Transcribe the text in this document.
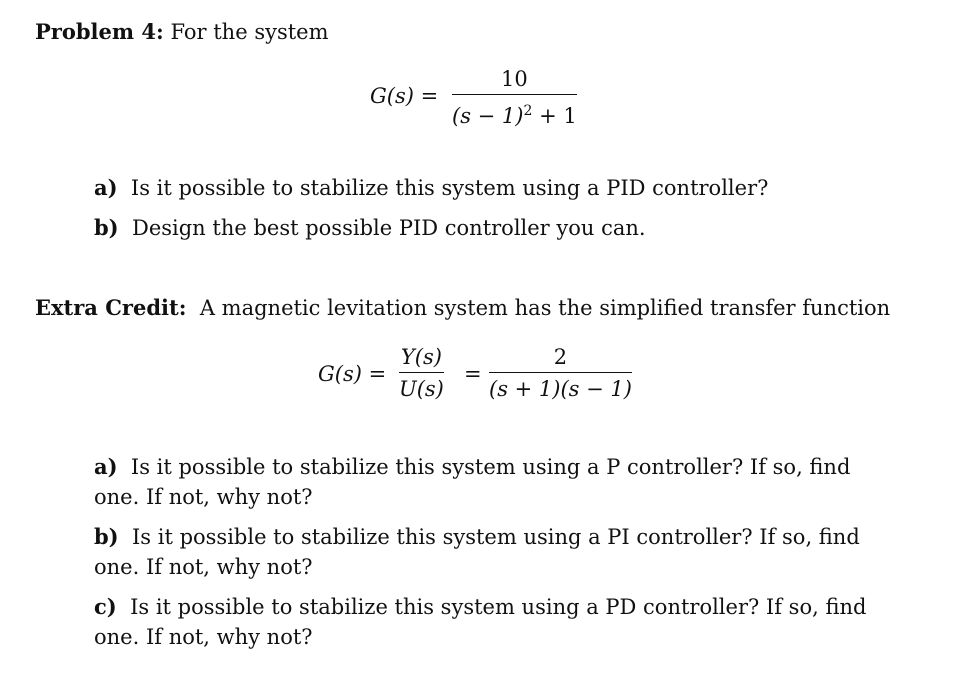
Problem 4: For the system
G(s) =
10
$(s - 1)^2 + 1$
a) Is it possible to stabilize this system using a PID controller?
b) Design the best possible PID controller you can.
Extra Credit: A magnetic levitation system has the simplified transfer function
G(s) =
Y(s)
U(s)
=
2
(s + 1)(s − 1)
a) Is it possible to stabilize this system using a P controller? If so, find
one. If not, why not?
b) Is it possible to stabilize this system using a PI controller? If so, find
one. If not, why not?
c) Is it possible to stabilize this system using a PD controller? If so, find
one. If not, why not?
